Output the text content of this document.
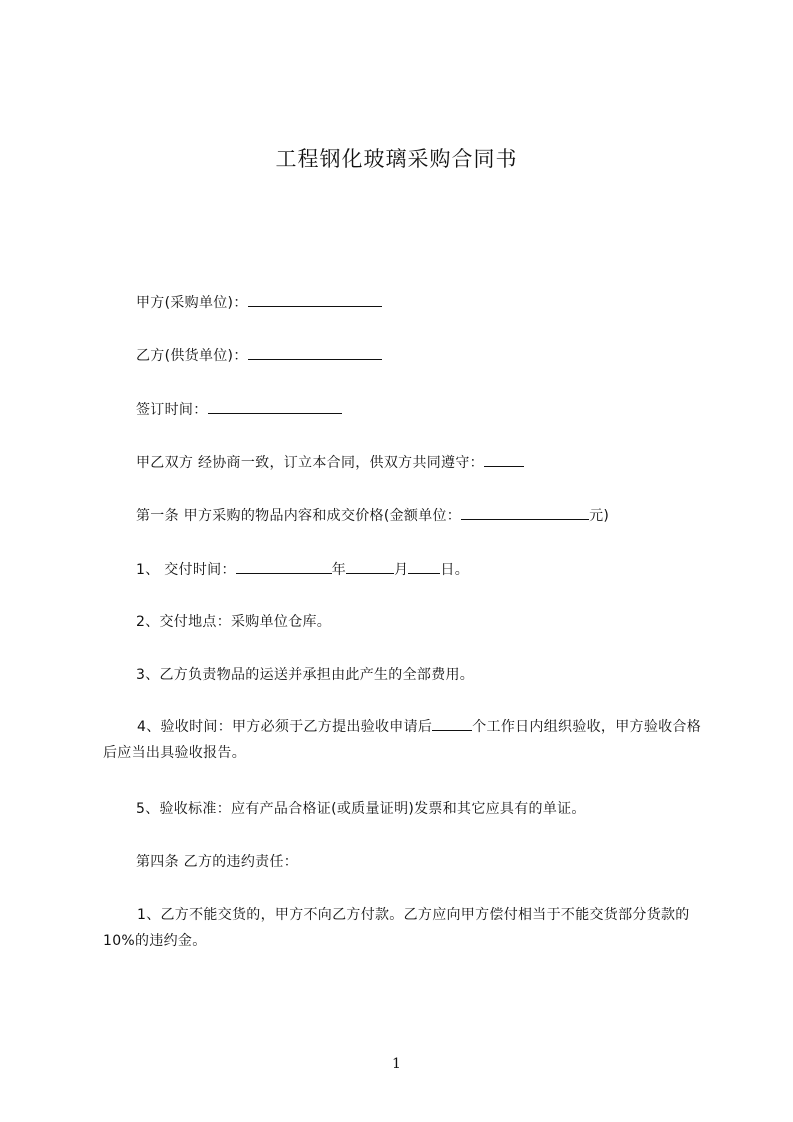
工程钢化玻璃采购合同书
甲方(采购单位)：
乙方(供货单位)：
签订时间：
甲乙双方 经协商一致，订立本合同，供双方共同遵守：
第一条 甲方采购的物品内容和成交价格(金额单位：	元)
1、 交付时间：	年	月 日。
2、交付地点：采购单位仓库。
3、乙方负责物品的运送并承担由此产生的全部费用。
4、验收时间：甲方必须于乙方提出验收申请后	个工作日内组织验收，甲方验收合格后应当出具验收报告。
5、验收标准：应有产品合格证(或质量证明)发票和其它应具有的单证。
第四条 乙方的违约责任：
1、乙方不能交货的，甲方不向乙方付款。乙方应向甲方偿付相当于不能交货部分货款的 10%的违约金。
1
